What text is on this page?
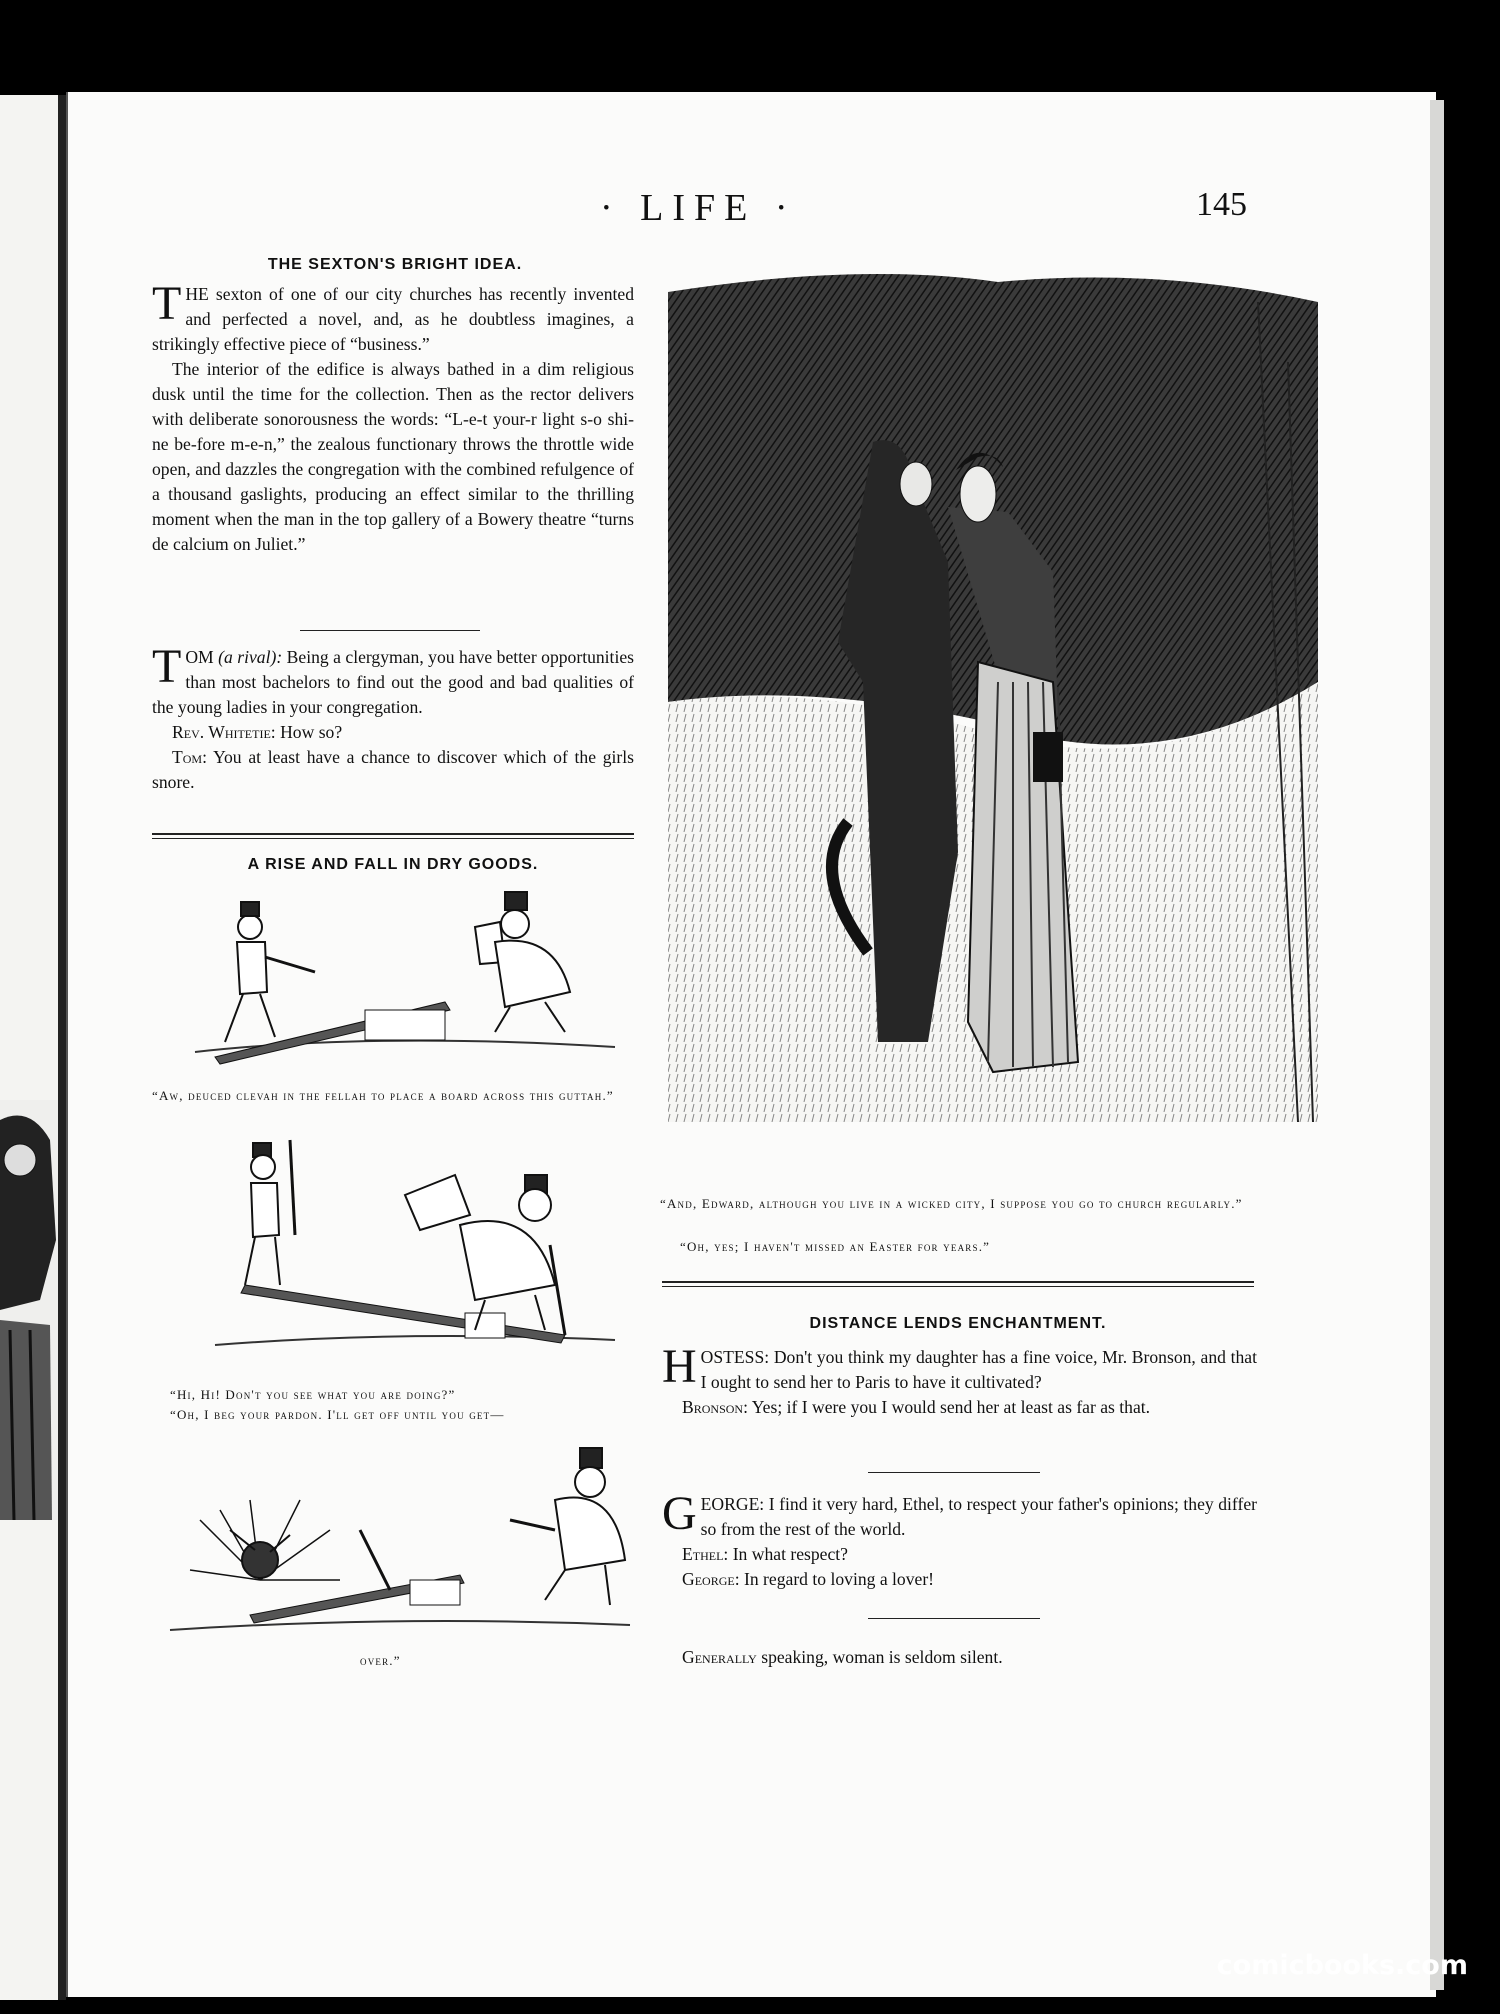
· LIFE ·	145
THE SEXTON'S BRIGHT IDEA.
T HE sexton of one of our city churches has recently invented and perfected a novel, and, as he doubtless imagines, a strikingly effective piece of “business.”

The interior of the edifice is always bathed in a dim religious dusk until the time for the collection. Then as the rector delivers with deliberate sonorousness the words: “L-e-t your-r light s-o shi-ne be-fore m-e-n,” the zealous functionary throws the throttle wide open, and dazzles the congregation with the combined refulgence of a thousand gaslights, producing an effect similar to the thrilling moment when the man in the top gallery of a Bowery theatre “turns de calcium on Juliet.”

T OM (a rival): Being a clergyman, you have better opportunities than most bachelors to find out the good and bad qualities of the young ladies in your congregation.

Rev. Whitetie: How so?

Tom: You at least have a chance to discover which of the girls snore.

A RISE AND FALL IN DRY GOODS.
“Aw, deuced clevah in the fellah to place a board across this guttah.”
“Hi, Hi! Don't you see what you are doing?”
“Oh, I beg your pardon. I'll get off until you get—
over.”
“And, Edward, although you live in a wicked city, I suppose you go to church regularly.”
“Oh, yes; I haven't missed an Easter for years.”
DISTANCE LENDS ENCHANTMENT.
H OSTESS: Don't you think my daughter has a fine voice, Mr. Bronson, and that I ought to send her to Paris to have it cultivated?

Bronson: Yes; if I were you I would send her at least as far as that.

G EORGE: I find it very hard, Ethel, to respect your father's opinions; they differ so from the rest of the world.

Ethel: In what respect?

George: In regard to loving a lover!

Generally speaking, woman is seldom silent.
comicbooks.com
